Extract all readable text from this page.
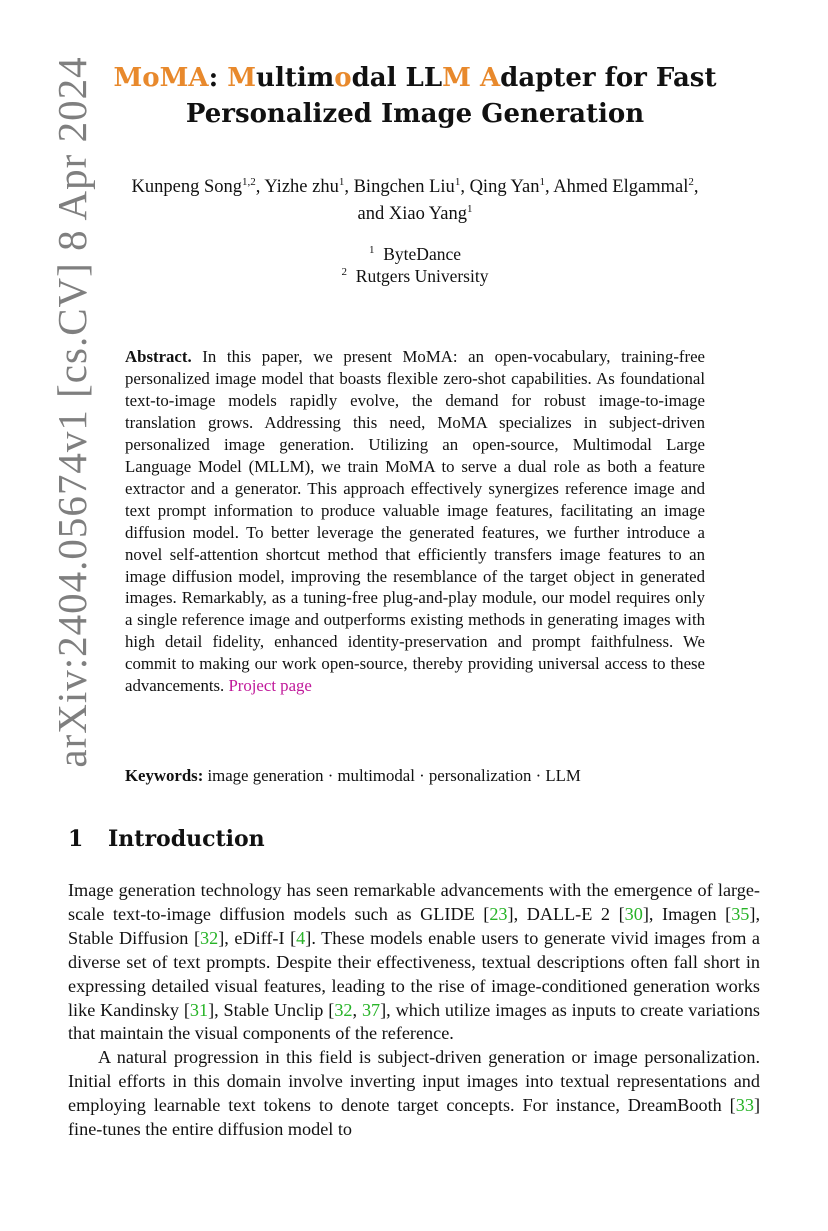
arXiv:2404.05674v1 [cs.CV] 8 Apr 2024 MoMA: Multimodal LLM Adapter for Fast
Personalized Image Generation
Kunpeng Song$^{1,2}$, Yizhe zhu$^1$, Bingchen Liu$^1$, Qing Yan$^1$, Ahmed Elgammal$^2$,
and Xiao Yang$^1$
$^1$  ByteDance
$^2$  Rutgers University
Abstract. In this paper, we present MoMA: an open-vocabulary, training-free personalized image model that boasts flexible zero-shot capabilities. As foundational text-to-image models rapidly evolve, the demand for robust image-to-image translation grows. Addressing this need, MoMA specializes in subject-driven personalized image generation. Utilizing an open-source, Multimodal Large Language Model (MLLM), we train MoMA to serve a dual role as both a feature extractor and a generator. This approach effectively synergizes reference image and text prompt information to produce valuable image features, facilitating an image diffusion model. To better leverage the generated features, we further introduce a novel self-attention shortcut method that efficiently transfers image features to an image diffusion model, improving the resemblance of the target object in generated images. Remarkably, as a tuning-free plug-and-play module, our model requires only a single reference image and outperforms existing methods in generating images with high detail fidelity, enhanced identity-preservation and prompt faithfulness. We commit to making our work open-source, thereby providing universal access to these advancements. Project page
Keywords: image generation · multimodal · personalization · LLM
1 Introduction

Image generation technology has seen remarkable advancements with the emergence of large-scale text-to-image diffusion models such as GLIDE [23], DALL-E 2 [30], Imagen [35], Stable Diffusion [32], eDiff-I [4]. These models enable users to generate vivid images from a diverse set of text prompts. Despite their effectiveness, textual descriptions often fall short in expressing detailed visual features, leading to the rise of image-conditioned generation works like Kandinsky [31], Stable Unclip [32, 37], which utilize images as inputs to create variations that maintain the visual components of the reference.

A natural progression in this field is subject-driven generation or image personalization. Initial efforts in this domain involve inverting input images into textual representations and employing learnable text tokens to denote target concepts. For instance, DreamBooth [33] fine-tunes the entire diffusion model to
